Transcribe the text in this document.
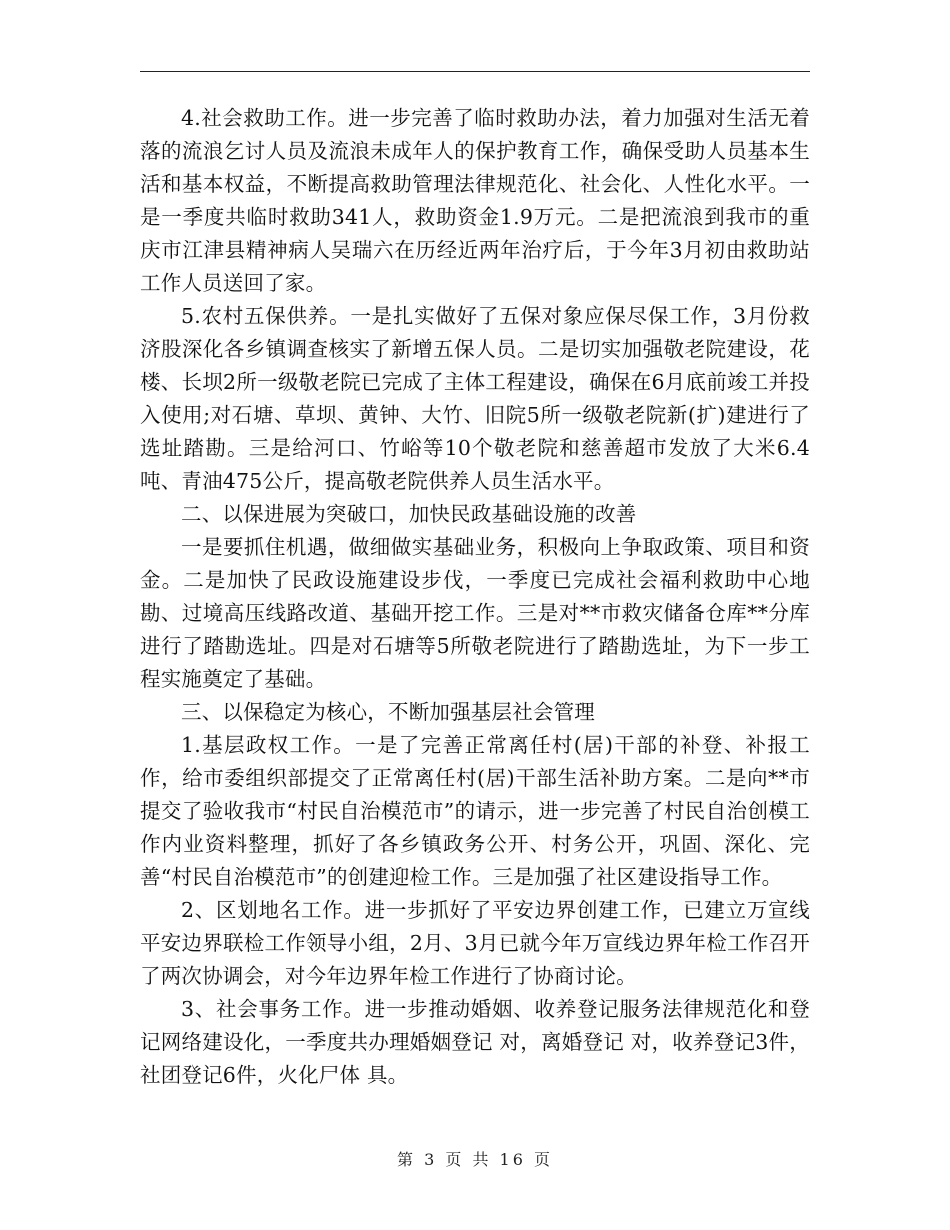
4.社会救助工作。进一步完善了临时救助办法，着力加强对生活无着落的流浪乞讨人员及流浪未成年人的保护教育工作，确保受助人员基本生活和基本权益，不断提高救助管理法律规范化、社会化、人性化水平。一是一季度共临时救助341人，救助资金1.9万元。二是把流浪到我市的重庆市江津县精神病人吴瑞六在历经近两年治疗后，于今年3月初由救助站工作人员送回了家。

5.农村五保供养。一是扎实做好了五保对象应保尽保工作，3月份救济股深化各乡镇调查核实了新增五保人员。二是切实加强敬老院建设，花楼、长坝2所一级敬老院已完成了主体工程建设，确保在6月底前竣工并投入使用;对石塘、草坝、黄钟、大竹、旧院5所一级敬老院新(扩)建进行了选址踏勘。三是给河口、竹峪等10个敬老院和慈善超市发放了大米6.4吨、青油475公斤，提高敬老院供养人员生活水平。

二、以保进展为突破口，加快民政基础设施的改善

一是要抓住机遇，做细做实基础业务，积极向上争取政策、项目和资金。二是加快了民政设施建设步伐，一季度已完成社会福利救助中心地勘、过境高压线路改道、基础开挖工作。三是对**市救灾储备仓库**分库进行了踏勘选址。四是对石塘等5所敬老院进行了踏勘选址，为下一步工程实施奠定了基础。

三、以保稳定为核心，不断加强基层社会管理

1.基层政权工作。一是了完善正常离任村(居)干部的补登、补报工作，给市委组织部提交了正常离任村(居)干部生活补助方案。二是向**市提交了验收我市“村民自治模范市”的请示，进一步完善了村民自治创模工作内业资料整理，抓好了各乡镇政务公开、村务公开，巩固、深化、完善“村民自治模范市”的创建迎检工作。三是加强了社区建设指导工作。

2、区划地名工作。进一步抓好了平安边界创建工作，已建立万宣线平安边界联检工作领导小组，2月、3月已就今年万宣线边界年检工作召开了两次协调会，对今年边界年检工作进行了协商讨论。

3、社会事务工作。进一步推动婚姻、收养登记服务法律规范化和登记网络建设化，一季度共办理婚姻登记 对，离婚登记 对，收养登记3件，社团登记6件，火化尸体 具。

第 3 页 共 16 页
